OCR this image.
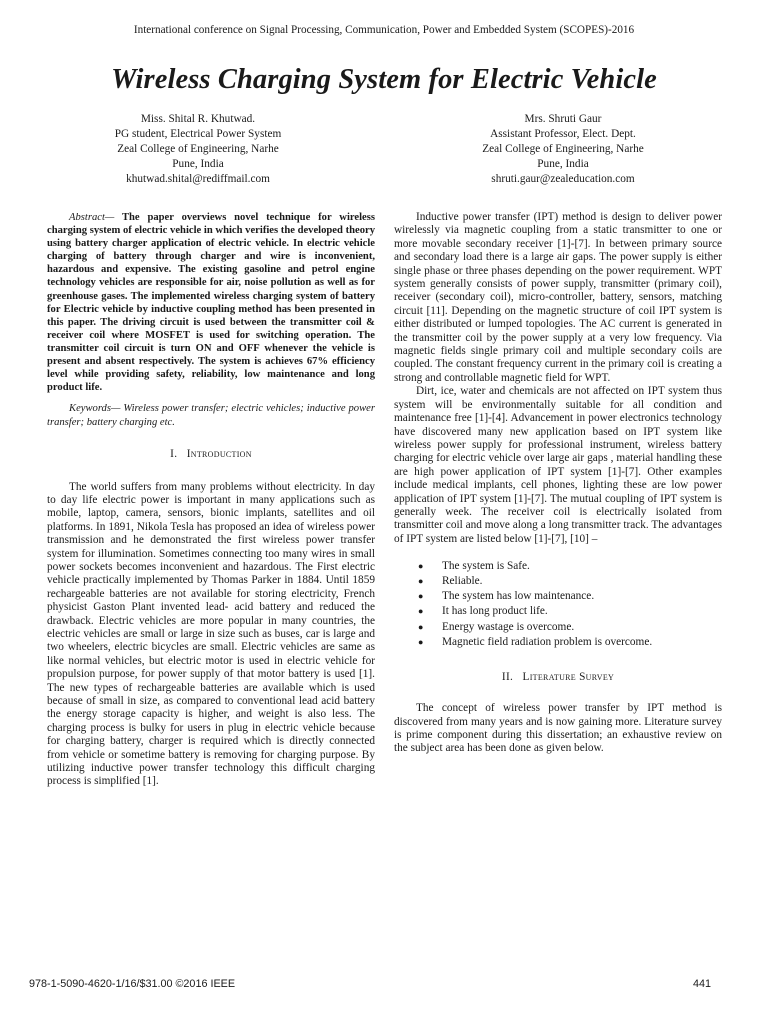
International conference on Signal Processing, Communication, Power and Embedded System (SCOPES)-2016
Wireless Charging System for Electric Vehicle
Miss. Shital R. Khutwad.
PG student, Electrical Power System
Zeal College of Engineering, Narhe
Pune, India
khutwad.shital@rediffmail.com
Mrs. Shruti Gaur
Assistant Professor, Elect. Dept.
Zeal College of Engineering, Narhe
Pune, India
shruti.gaur@zealeducation.com

Abstract— The paper overviews novel technique for wireless charging system of electric vehicle in which verifies the developed theory using battery charger application of electric vehicle. In electric vehicle charging of battery through charger and wire is inconvenient, hazardous and expensive. The existing gasoline and petrol engine technology vehicles are responsible for air, noise pollution as well as for greenhouse gases. The implemented wireless charging system of battery for Electric vehicle by inductive coupling method has been presented in this paper. The driving circuit is used between the transmitter coil & receiver coil where MOSFET is used for switching operation. The transmitter coil circuit is turn ON and OFF whenever the vehicle is present and absent respectively. The system is achieves 67% efficiency level while providing safety, reliability, low maintenance and long product life.

Keywords— Wireless power transfer; electric vehicles; inductive power transfer; battery charging etc.

I. Introduction

The world suffers from many problems without electricity. In day to day life electric power is important in many applications such as mobile, laptop, camera, sensors, bionic implants, satellites and oil platforms. In 1891, Nikola Tesla has proposed an idea of wireless power transmission and he demonstrated the first wireless power transfer system for illumination. Sometimes connecting too many wires in small power sockets becomes inconvenient and hazardous. The First electric vehicle practically implemented by Thomas Parker in 1884. Until 1859 rechargeable batteries are not available for storing electricity, French physicist Gaston Plant invented lead- acid battery and reduced the drawback. Electric vehicles are more popular in many countries, the electric vehicles are small or large in size such as buses, car is large and two wheelers, electric bicycles are small. Electric vehicles are same as like normal vehicles, but electric motor is used in electric vehicle for propulsion purpose, for power supply of that motor battery is used [1]. The new types of rechargeable batteries are available which is used because of small in size, as compared to conventional lead acid battery the energy storage capacity is higher, and weight is also less. The charging process is bulky for users in plug in electric vehicle because for charging battery, charger is required which is directly connected from vehicle or sometime battery is removing for charging purpose. By utilizing inductive power transfer technology this difficult charging process is simplified [1].

Inductive power transfer (IPT) method is design to deliver power wirelessly via magnetic coupling from a static transmitter to one or more movable secondary receiver [1]-[7]. In between primary source and secondary load there is a large air gaps. The power supply is either single phase or three phases depending on the power requirement. WPT system generally consists of power supply, transmitter (primary coil), receiver (secondary coil), micro-controller, battery, sensors, matching circuit [11]. Depending on the magnetic structure of coil IPT system is either distributed or lumped topologies. The AC current is generated in the transmitter coil by the power supply at a very low frequency. Via magnetic fields single primary coil and multiple secondary coils are coupled. The constant frequency current in the primary coil is creating a strong and controllable magnetic field for WPT.

Dirt, ice, water and chemicals are not affected on IPT system thus system will be environmentally suitable for all condition and maintenance free [1]-[4]. Advancement in power electronics technology have discovered many new application based on IPT system like wireless power supply for professional instrument, wireless battery charging for electric vehicle over large air gaps , material handling these are high power application of IPT system [1]-[7]. Other examples include medical implants, cell phones, lighting these are low power application of IPT system [1]-[7]. The mutual coupling of IPT system is generally week. The receiver coil is electrically isolated from transmitter coil and move along a long transmitter track. The advantages of IPT system are listed below [1]-[7], [10] –

● The system is Safe.
● Reliable.
● The system has low maintenance.
● It has long product life.
● Energy wastage is overcome.
● Magnetic field radiation problem is overcome.
II. Literature Survey

The concept of wireless power transfer by IPT method is discovered from many years and is now gaining more. Literature survey is prime component during this dissertation; an exhaustive review on the subject area has been done as given below.

978-1-5090-4620-1/16/$31.00 ©2016 IEEE	441
